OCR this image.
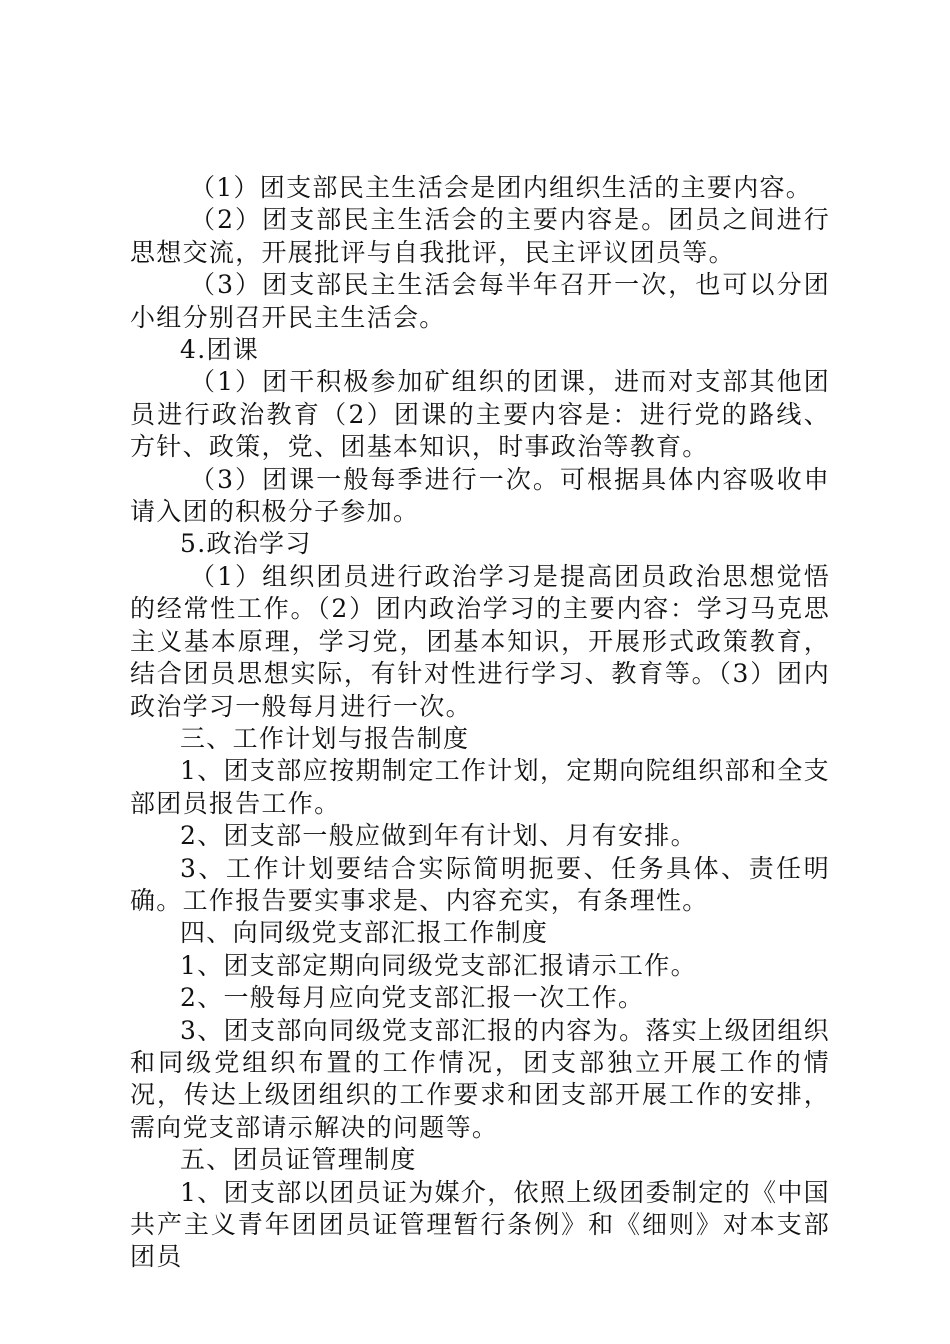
（1）团支部民主生活会是团内组织生活的主要内容。

（2）团支部民主生活会的主要内容是。团员之间进行思想交流，开展批评与自我批评，民主评议团员等。

（3）团支部民主生活会每半年召开一次，也可以分团小组分别召开民主生活会。

4.团课

（1）团干积极参加矿组织的团课，进而对支部其他团员进行政治教育（2）团课的主要内容是：进行党的路线、方针、政策，党、团基本知识，时事政治等教育。

（3）团课一般每季进行一次。可根据具体内容吸收申请入团的积极分子参加。

5.政治学习

（1）组织团员进行政治学习是提高团员政治思想觉悟的经常性工作。（2）团内政治学习的主要内容：学习马克思主义基本原理，学习党，团基本知识，开展形式政策教育，结合团员思想实际，有针对性进行学习、教育等。（3）团内政治学习一般每月进行一次。

三、工作计划与报告制度

1、团支部应按期制定工作计划，定期向院组织部和全支部团员报告工作。

2、团支部一般应做到年有计划、月有安排。

3、工作计划要结合实际简明扼要、任务具体、责任明确。工作报告要实事求是、内容充实，有条理性。

四、向同级党支部汇报工作制度

1、团支部定期向同级党支部汇报请示工作。

2、一般每月应向党支部汇报一次工作。

3、团支部向同级党支部汇报的内容为。落实上级团组织和同级党组织布置的工作情况，团支部独立开展工作的情况，传达上级团组织的工作要求和团支部开展工作的安排，需向党支部请示解决的问题等。

五、团员证管理制度

1、团支部以团员证为媒介，依照上级团委制定的《中国共产主义青年团团员证管理暂行条例》和《细则》对本支部团员
